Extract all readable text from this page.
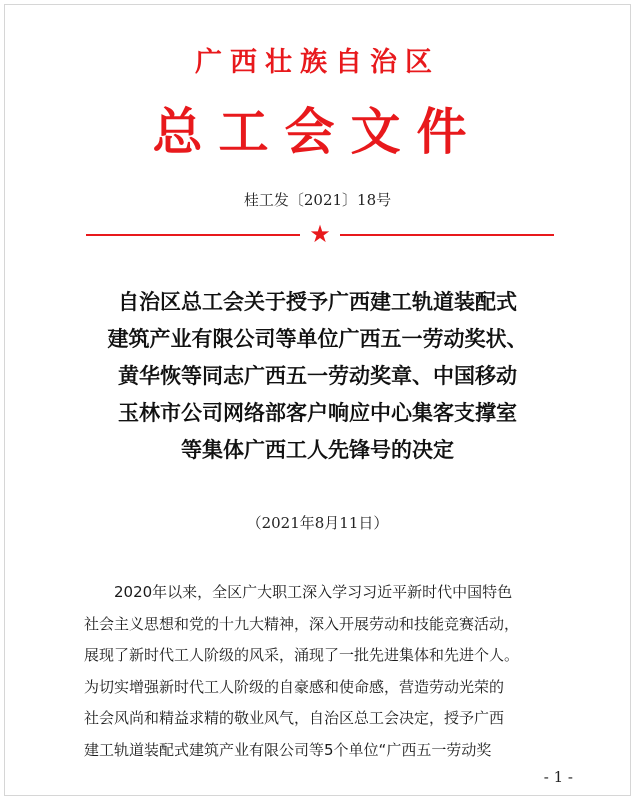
广西壮族自治区
总工会文件
桂工发〔2021〕18号
★
自治区总工会关于授予广西建工轨道装配式
建筑产业有限公司等单位广西五一劳动奖状、
黄华恢等同志广西五一劳动奖章、中国移动
玉林市公司网络部客户响应中心集客支撑室
等集体广西工人先锋号的决定
（2021年8月11日）
2020年以来，全区广大职工深入学习习近平新时代中国特色
社会主义思想和党的十九大精神，深入开展劳动和技能竞赛活动，
展现了新时代工人阶级的风采，涌现了一批先进集体和先进个人。
为切实增强新时代工人阶级的自豪感和使命感，营造劳动光荣的
社会风尚和精益求精的敬业风气，自治区总工会决定，授予广西
建工轨道装配式建筑产业有限公司等5个单位“广西五一劳动奖
- 1 -
